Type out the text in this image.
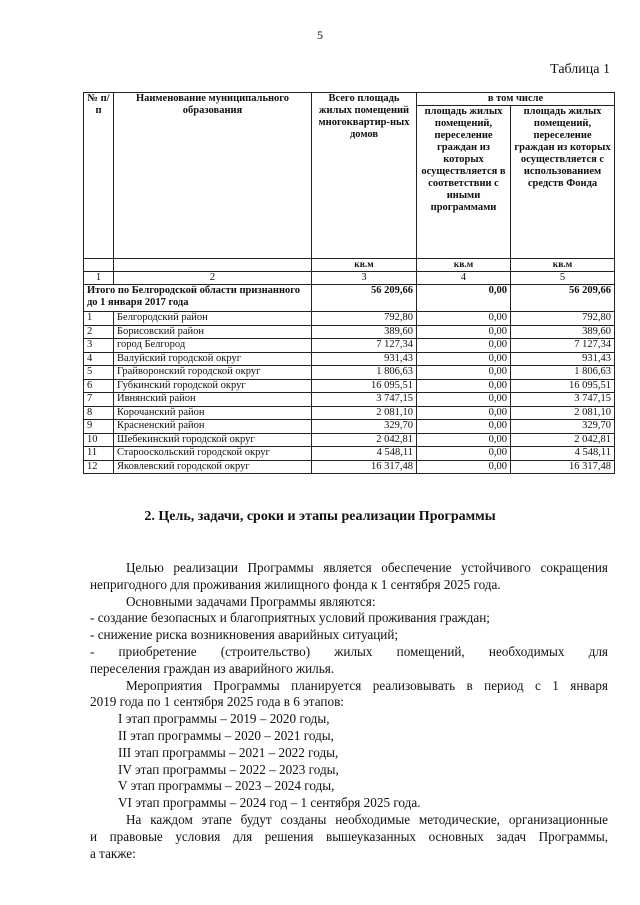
5
Таблица 1
№ п/п	Наименование муниципального образования	Всего площадь жилых помещений многоквартир-ных домов	в том числе	
			площадь жилых помещений, переселение граждан из которых осуществляется в соответствии с иными программами	площадь жилых помещений, переселение граждан из которых осуществляется с использованием средств Фонда
		кв.м	кв.м	кв.м
1	2	3	4	5
Итого по Белгородской области признанного до 1 января 2017 года		56 209,66	0,00	56 209,66
1	Белгородский район	792,80	0,00	792,80
2	Борисовский район	389,60	0,00	389,60
3	город Белгород	7 127,34	0,00	7 127,34
4	Валуйский городской округ	931,43	0,00	931,43
5	Грайворонский городской округ	1 806,63	0,00	1 806,63
6	Губкинский городской округ	16 095,51	0,00	16 095,51
7	Ивнянский район	3 747,15	0,00	3 747,15
8	Корочанский район	2 081,10	0,00	2 081,10
9	Красненский район	329,70	0,00	329,70
10	Шебекинский городской округ	2 042,81	0,00	2 042,81
11	Старооскольский городской округ	4 548,11	0,00	4 548,11
12	Яковлевский городской округ	16 317,48	0,00	16 317,48
2. Цель, задачи, сроки и этапы реализации Программы
Целью реализации Программы является обеспечение устойчивого сокращения
непригодного для проживания жилищного фонда к 1 сентября 2025 года.
Основными задачами Программы являются:
- создание безопасных и благоприятных условий проживания граждан;
- снижение риска возникновения аварийных ситуаций;
- приобретение (строительство) жилых помещений, необходимых для
переселения граждан из аварийного жилья.
Мероприятия Программы планируется реализовывать в период с 1 января
2019 года по 1 сентября 2025 года в 6 этапов:
I этап программы – 2019 – 2020 годы,
II этап программы – 2020 – 2021 годы,
III этап программы – 2021 – 2022 годы,
IV этап программы – 2022 – 2023 годы,
V этап программы – 2023 – 2024 годы,
VI этап программы – 2024 год – 1 сентября 2025 года.
На каждом этапе будут созданы необходимые методические, организационные
и правовые условия для решения вышеуказанных основных задач Программы,
а также:
